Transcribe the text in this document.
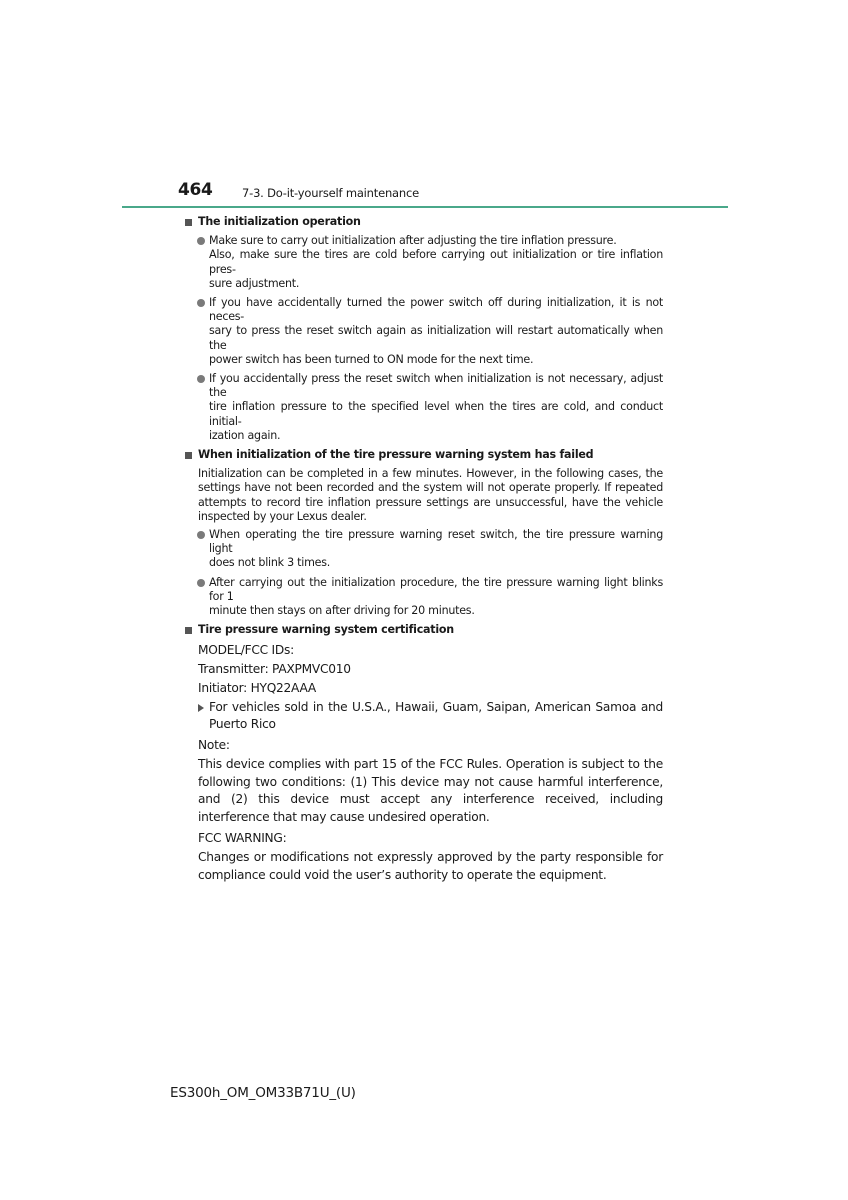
464	7-3. Do-it-yourself maintenance
The initialization operation
Make sure to carry out initialization after adjusting the tire inflation pressure.
Also, make sure the tires are cold before carrying out initialization or tire inflation pres-
sure adjustment.
If you have accidentally turned the power switch off during initialization, it is not neces-
sary to press the reset switch again as initialization will restart automatically when the
power switch has been turned to ON mode for the next time.
If you accidentally press the reset switch when initialization is not necessary, adjust the
tire inflation pressure to the specified level when the tires are cold, and conduct initial-
ization again.
When initialization of the tire pressure warning system has failed
Initialization can be completed in a few minutes. However, in the following cases, the settings have not been recorded and the system will not operate properly. If repeated attempts to record tire inflation pressure settings are unsuccessful, have the vehicle inspected by your Lexus dealer.
When operating the tire pressure warning reset switch, the tire pressure warning light
does not blink 3 times.
After carrying out the initialization procedure, the tire pressure warning light blinks for 1
minute then stays on after driving for 20 minutes.
Tire pressure warning system certification
MODEL/FCC IDs:
Transmitter: PAXPMVC010
Initiator: HYQ22AAA
For vehicles sold in the U.S.A., Hawaii, Guam, Saipan, American Samoa and Puerto Rico
Note:
This device complies with part 15 of the FCC Rules. Operation is subject to the following two conditions: (1) This device may not cause harmful interference, and (2) this device must accept any interference received, including interference that may cause undesired operation.
FCC WARNING:
Changes or modifications not expressly approved by the party responsible for compliance could void the user’s authority to operate the equipment.
ES300h_OM_OM33B71U_(U)
